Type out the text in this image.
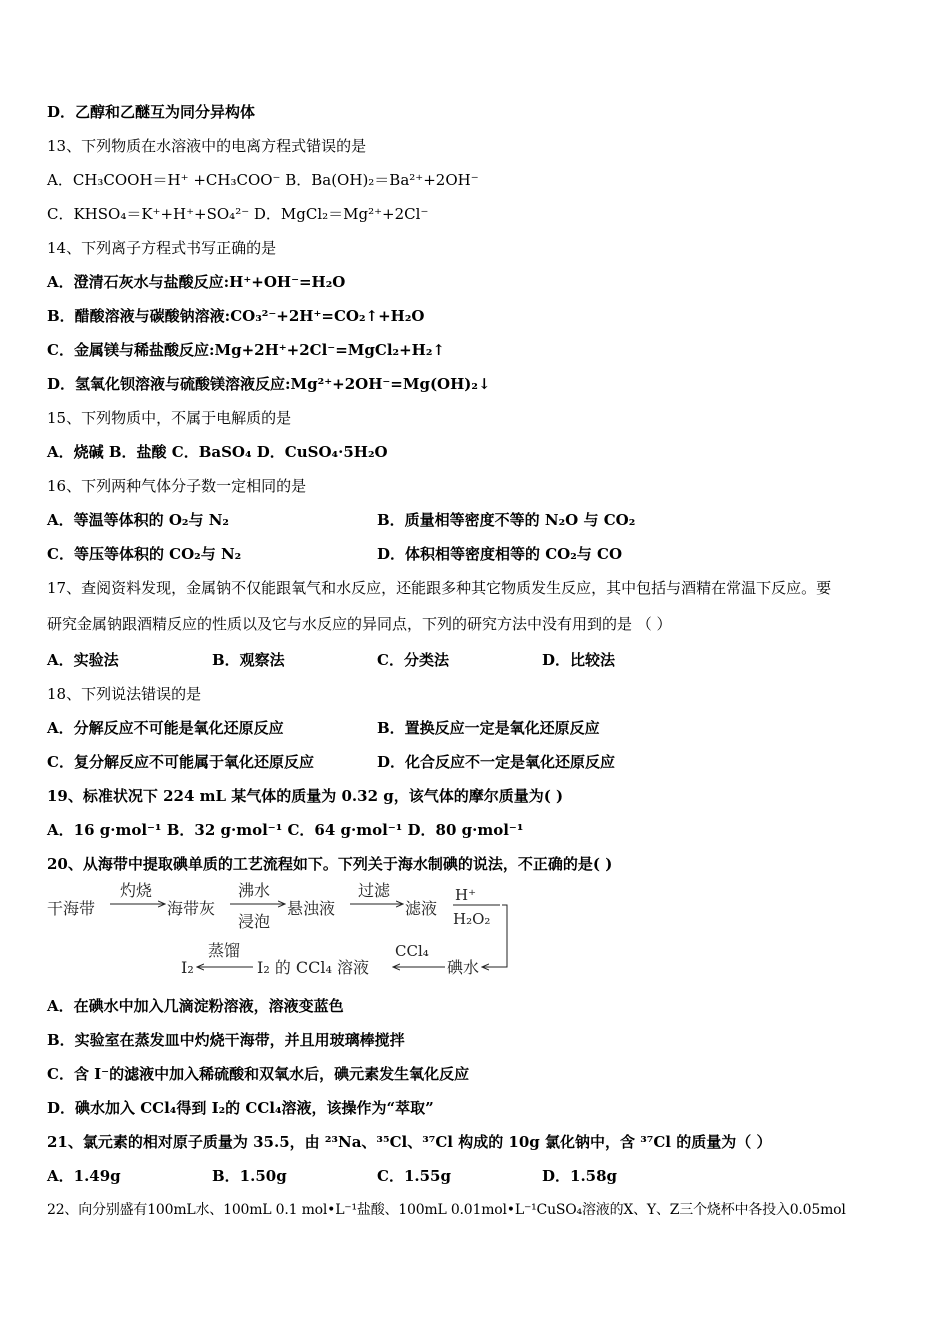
D．乙醇和乙醚互为同分异构体
13、下列物质在水溶液中的电离方程式错误的是
A．CH₃COOH＝H⁺ +CH₃COO⁻ B．Ba(OH)₂＝Ba²⁺+2OH⁻
C．KHSO₄＝K⁺+H⁺+SO₄²⁻ D．MgCl₂＝Mg²⁺+2Cl⁻
14、下列离子方程式书写正确的是
A．澄清石灰水与盐酸反应:H⁺+OH⁻=H₂O
B．醋酸溶液与碳酸钠溶液:CO₃²⁻+2H⁺=CO₂↑+H₂O
C．金属镁与稀盐酸反应:Mg+2H⁺+2Cl⁻=MgCl₂+H₂↑
D．氢氧化钡溶液与硫酸镁溶液反应:Mg²⁺+2OH⁻=Mg(OH)₂↓
15、下列物质中，不属于电解质的是
A．烧碱 B．盐酸 C．BaSO₄ D．CuSO₄·5H₂O
16、下列两种气体分子数一定相同的是
A．等温等体积的 O₂与 N₂	B．质量相等密度不等的 N₂O 与 CO₂
C．等压等体积的 CO₂与 N₂	D．体积相等密度相等的 CO₂与 CO
17、查阅资料发现，金属钠不仅能跟氧气和水反应，还能跟多种其它物质发生反应，其中包括与酒精在常温下反应。要
研究金属钠跟酒精反应的性质以及它与水反应的异同点，下列的研究方法中没有用到的是 （ ）
A．实验法	B．观察法	C．分类法	D．比较法
18、下列说法错误的是
A．分解反应不可能是氧化还原反应	B．置换反应一定是氧化还原反应
C．复分解反应不可能属于氧化还原反应	D．化合反应不一定是氧化还原反应
19、标准状况下 224 mL 某气体的质量为 0.32 g，该气体的摩尔质量为( )
A．16 g·mol⁻¹ B．32 g·mol⁻¹ C．64 g·mol⁻¹ D．80 g·mol⁻¹
20、从海带中提取碘单质的工艺流程如下。下列关于海水制碘的说法，不正确的是( )
干海带
灼烧
海带灰
沸水
浸泡
悬浊液
过滤
滤液
H⁺
H₂O₂
碘水
CCl₄
I₂ 的 CCl₄ 溶液
蒸馏
I₂
A．在碘水中加入几滴淀粉溶液，溶液变蓝色
B．实验室在蒸发皿中灼烧干海带，并且用玻璃棒搅拌
C．含 I⁻的滤液中加入稀硫酸和双氧水后，碘元素发生氧化反应
D．碘水加入 CCl₄得到 I₂的 CCl₄溶液，该操作为“萃取”
21、氯元素的相对原子质量为 35.5，由 ²³Na、³⁵Cl、³⁷Cl 构成的 10g 氯化钠中，含 ³⁷Cl 的质量为（ ）
A．1.49g	B．1.50g	C．1.55g	D．1.58g
22、向分别盛有100mL水、100mL 0.1 mol•L⁻¹盐酸、100mL 0.01mol•L⁻¹CuSO₄溶液的X、Y、Z三个烧杯中各投入0.05mol
